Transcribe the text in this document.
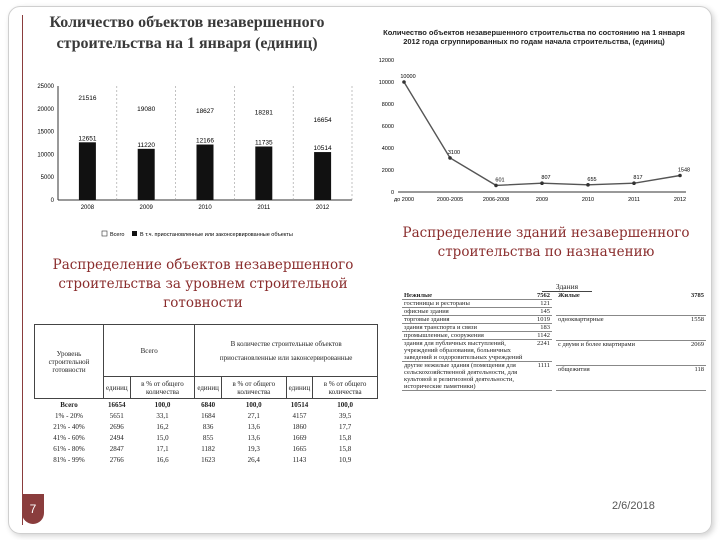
Количество объектов незавершенного строительства на 1 января (единиц)
0
5000
10000
15000
20000
25000
21516
12651
2008
19080
11220
2009
18627
12166
2010
18281
11735
2011
16654
10514
2012
Всего	В т.ч. приостановленные или законсервированные объекты
Количество объектов незавершенного строительства по состоянию на 1 января 2012 года сгруппированных по годам начала строительства, (единиц)
0
2000
4000
6000
8000
10000
12000
10000
до 2000
3100
2000-2005
601
2006-2008
807
2009
655
2010
817
2011
1548
2012
Распределение объектов незавершенного строительства за уровнем строительной готовности
Распределение зданий незавершенного строительства по назначению
Уровень строительной готовности	Всего		В количестве строительные объектов
приостановленные или законсервированные			

	единиц	в % от общего количества	единиц	в % от общего количества	единиц	в % от общего количества
Всего	16654	100,0	6840	100,0	10514	100,0
1% - 20%	5651	33,1	1684	27,1	4157	39,5
21% - 40%	2696	16,2	836	13,6	1860	17,7
41% - 60%	2494	15,0	855	13,6	1669	15,8
61% - 80%	2847	17,1	1182	19,3	1665	15,8
81% - 99%	2766	16,6	1623	26,4	1143	10,9
Здания
Нежилые	7562
гостиницы и рестораны	121
офисные здания	145
торговые здания	1019
здания транспорта и связи	183
промышленные, сооружения	1142
здания для публичных выступлений, учреждений образования, больничных заведений и оздоровительных учреждений	2241
другие нежилые здания (помещения для сельскохозяйственной деятельности, для культовой и религиозной деятельности, исторические памятники)	1111
Жилые	3785
одноквартирные	1558
с двумя и более квартирами	2069
общежития	118
7	2/6/2018
